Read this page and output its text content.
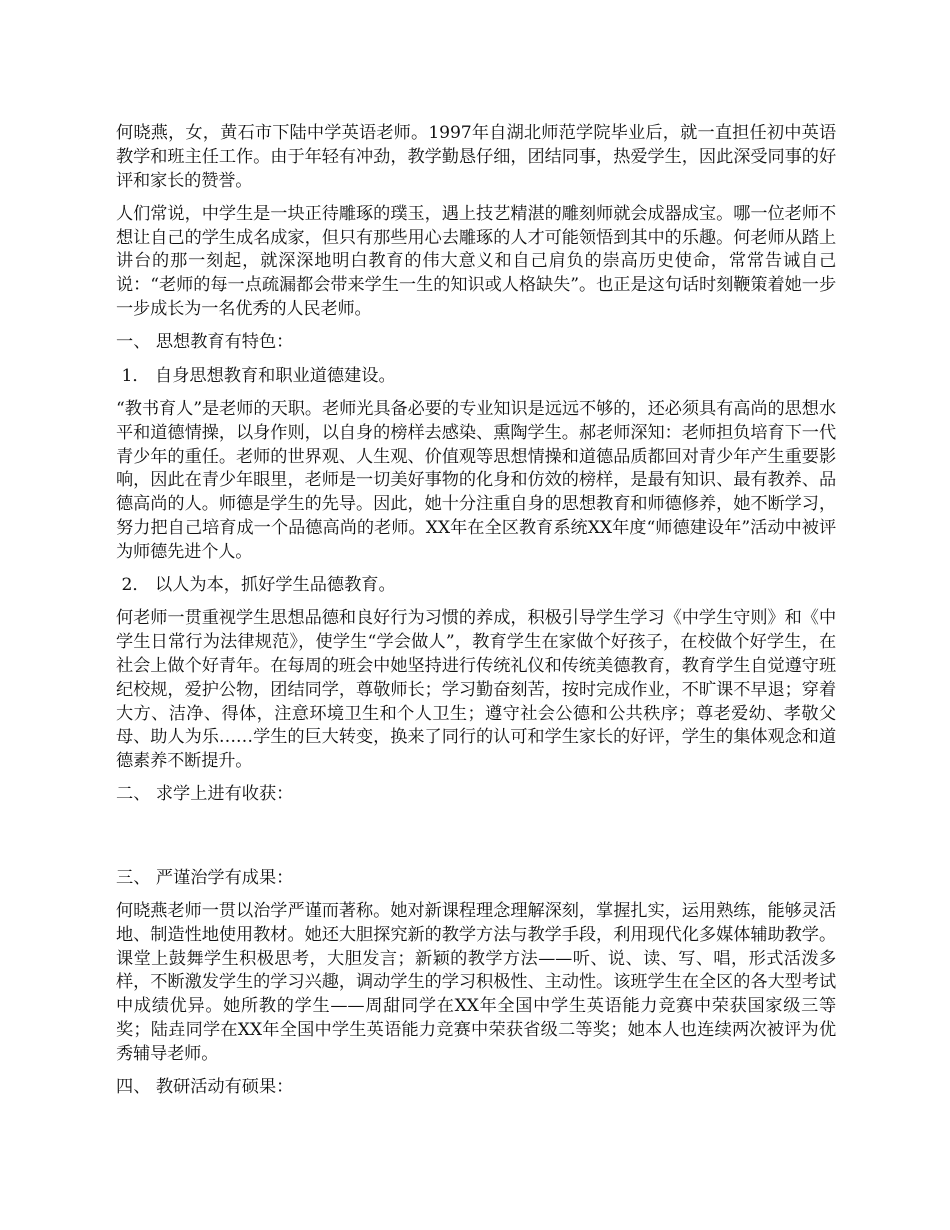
何晓燕，女，黄石市下陆中学英语老师。1997年自湖北师范学院毕业后，就一直担任初中英语教学和班主任工作。由于年轻有冲劲，教学勤恳仔细，团结同事，热爱学生，因此深受同事的好评和家长的赞誉。

人们常说，中学生是一块正待雕琢的璞玉，遇上技艺精湛的雕刻师就会成器成宝。哪一位老师不想让自己的学生成名成家，但只有那些用心去雕琢的人才可能领悟到其中的乐趣。何老师从踏上讲台的那一刻起，就深深地明白教育的伟大意义和自己肩负的崇高历史使命，常常告诫自己说：“老师的每一点疏漏都会带来学生一生的知识或人格缺失”。也正是这句话时刻鞭策着她一步一步成长为一名优秀的人民老师。

一、 思想教育有特色：

1． 自身思想教育和职业道德建设。

“教书育人”是老师的天职。老师光具备必要的专业知识是远远不够的，还必须具有高尚的思想水平和道德情操，以身作则，以自身的榜样去感染、熏陶学生。郝老师深知：老师担负培育下一代青少年的重任。老师的世界观、人生观、价值观等思想情操和道德品质都回对青少年产生重要影响，因此在青少年眼里，老师是一切美好事物的化身和仿效的榜样，是最有知识、最有教养、品德高尚的人。师德是学生的先导。因此，她十分注重自身的思想教育和师德修养，她不断学习，努力把自己培育成一个品德高尚的老师。XX年在全区教育系统XX年度“师德建设年”活动中被评为师德先进个人。

2． 以人为本，抓好学生品德教育。

何老师一贯重视学生思想品德和良好行为习惯的养成，积极引导学生学习《中学生守则》和《中学生日常行为法律规范》，使学生“学会做人”，教育学生在家做个好孩子，在校做个好学生，在社会上做个好青年。在每周的班会中她坚持进行传统礼仪和传统美德教育，教育学生自觉遵守班纪校规，爱护公物，团结同学，尊敬师长；学习勤奋刻苦，按时完成作业，不旷课不早退；穿着大方、洁净、得体，注意环境卫生和个人卫生；遵守社会公德和公共秩序；尊老爱幼、孝敬父母、助人为乐……学生的巨大转变，换来了同行的认可和学生家长的好评，学生的集体观念和道德素养不断提升。

二、 求学上进有收获：

三、 严谨治学有成果：

何晓燕老师一贯以治学严谨而著称。她对新课程理念理解深刻，掌握扎实，运用熟练，能够灵活地、制造性地使用教材。她还大胆探究新的教学方法与教学手段，利用现代化多媒体辅助教学。课堂上鼓舞学生积极思考，大胆发言；新颖的教学方法——听、说、读、写、唱，形式活泼多样，不断激发学生的学习兴趣，调动学生的学习积极性、主动性。该班学生在全区的各大型考试中成绩优异。她所教的学生——周甜同学在XX年全国中学生英语能力竞赛中荣获国家级三等奖；陆垚同学在XX年全国中学生英语能力竞赛中荣获省级二等奖；她本人也连续两次被评为优秀辅导老师。

四、 教研活动有硕果：
